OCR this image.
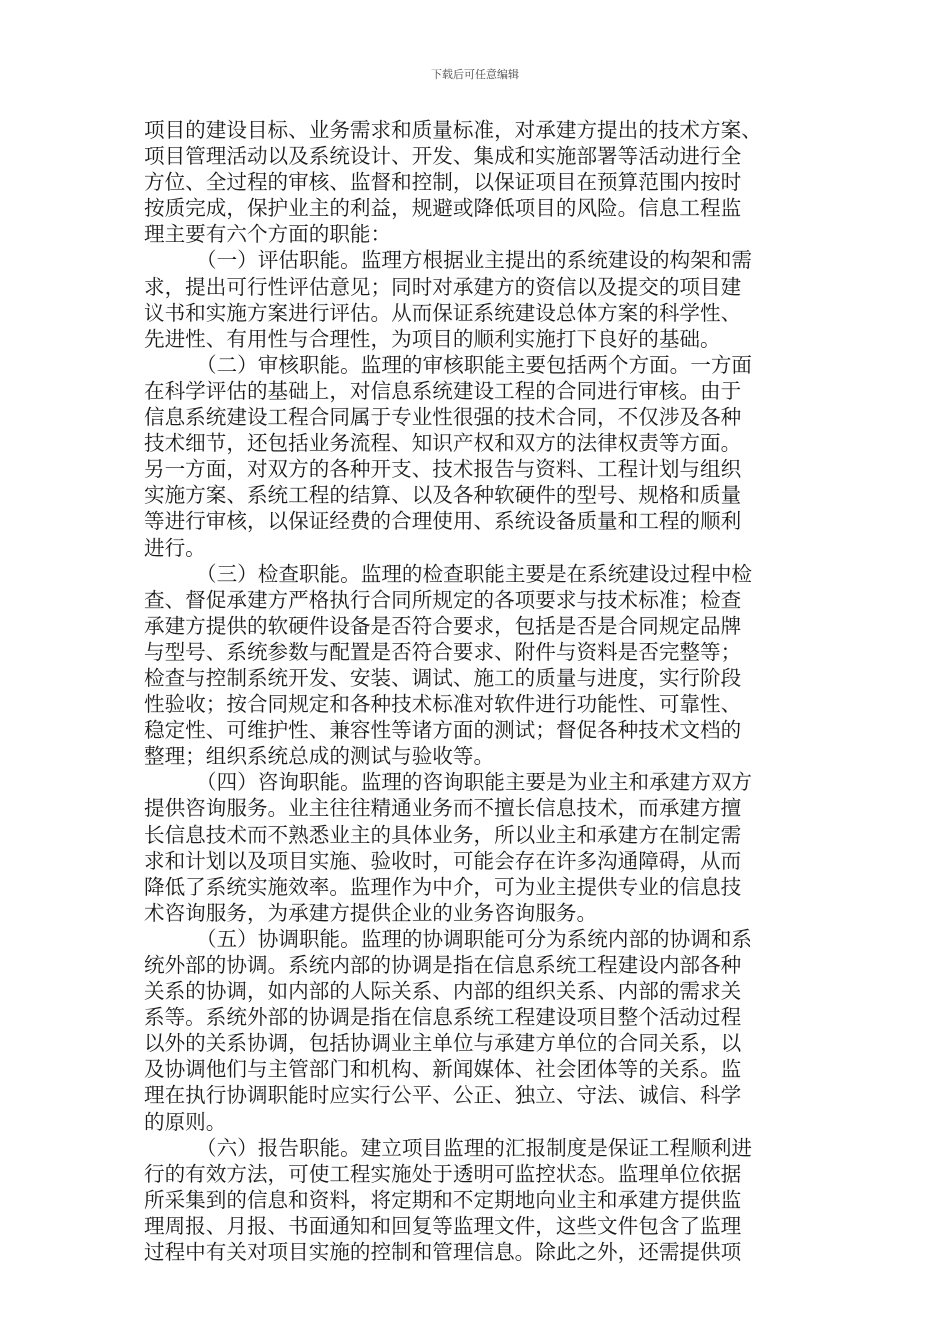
下载后可任意编辑
项目的建设目标、业务需求和质量标准，对承建方提出的技术方案、
项目管理活动以及系统设计、开发、集成和实施部署等活动进行全
方位、全过程的审核、监督和控制，以保证项目在预算范围内按时
按质完成，保护业主的利益，规避或降低项目的风险。信息工程监
理主要有六个方面的职能：
（一）评估职能。监理方根据业主提出的系统建设的构架和需
求，提出可行性评估意见；同时对承建方的资信以及提交的项目建
议书和实施方案进行评估。从而保证系统建设总体方案的科学性、
先进性、有用性与合理性，为项目的顺利实施打下良好的基础。
（二）审核职能。监理的审核职能主要包括两个方面。一方面
在科学评估的基础上，对信息系统建设工程的合同进行审核。由于
信息系统建设工程合同属于专业性很强的技术合同，不仅涉及各种
技术细节，还包括业务流程、知识产权和双方的法律权责等方面。
另一方面，对双方的各种开支、技术报告与资料、工程计划与组织
实施方案、系统工程的结算、以及各种软硬件的型号、规格和质量
等进行审核，以保证经费的合理使用、系统设备质量和工程的顺利
进行。
（三）检查职能。监理的检查职能主要是在系统建设过程中检
查、督促承建方严格执行合同所规定的各项要求与技术标准；检查
承建方提供的软硬件设备是否符合要求，包括是否是合同规定品牌
与型号、系统参数与配置是否符合要求、附件与资料是否完整等；
检查与控制系统开发、安装、调试、施工的质量与进度，实行阶段
性验收；按合同规定和各种技术标准对软件进行功能性、可靠性、
稳定性、可维护性、兼容性等诸方面的测试；督促各种技术文档的
整理；组织系统总成的测试与验收等。
（四）咨询职能。监理的咨询职能主要是为业主和承建方双方
提供咨询服务。业主往往精通业务而不擅长信息技术，而承建方擅
长信息技术而不熟悉业主的具体业务，所以业主和承建方在制定需
求和计划以及项目实施、验收时，可能会存在许多沟通障碍，从而
降低了系统实施效率。监理作为中介，可为业主提供专业的信息技
术咨询服务，为承建方提供企业的业务咨询服务。
（五）协调职能。监理的协调职能可分为系统内部的协调和系
统外部的协调。系统内部的协调是指在信息系统工程建设内部各种
关系的协调，如内部的人际关系、内部的组织关系、内部的需求关
系等。系统外部的协调是指在信息系统工程建设项目整个活动过程
以外的关系协调，包括协调业主单位与承建方单位的合同关系，以
及协调他们与主管部门和机构、新闻媒体、社会团体等的关系。监
理在执行协调职能时应实行公平、公正、独立、守法、诚信、科学
的原则。
（六）报告职能。建立项目监理的汇报制度是保证工程顺利进
行的有效方法，可使工程实施处于透明可监控状态。监理单位依据
所采集到的信息和资料，将定期和不定期地向业主和承建方提供监
理周报、月报、书面通知和回复等监理文件，这些文件包含了监理
过程中有关对项目实施的控制和管理信息。除此之外，还需提供项
